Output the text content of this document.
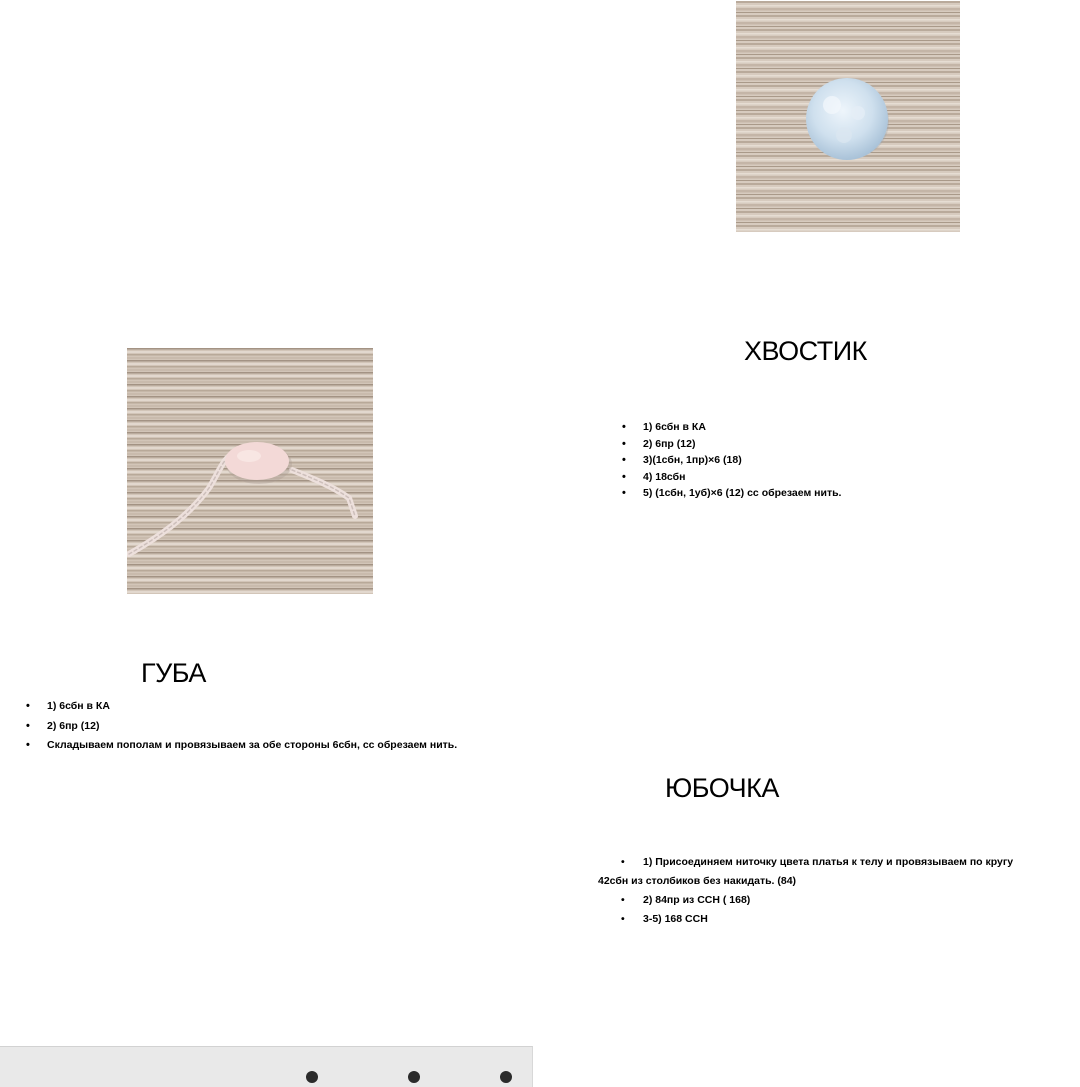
ХВОСТИК
• 1) 6сбн в КА
• 2) 6пр (12)
• 3)(1сбн, 1пр)×6 (18)
• 4) 18сбн
• 5) (1сбн, 1уб)×6 (12) сс обрезаем нить.
ГУБА
• 1) 6сбн в КА
• 2) 6пр (12)
• Складываем пополам и провязываем за обе стороны 6сбн, сс обрезаем нить.
ЮБОЧКА
• 1) Присоединяем ниточку цвета платья к телу и провязываем по кругу
42сбн из столбиков без накидать. (84)
• 2) 84пр из ССН ( 168)
• 3-5) 168 ССН
